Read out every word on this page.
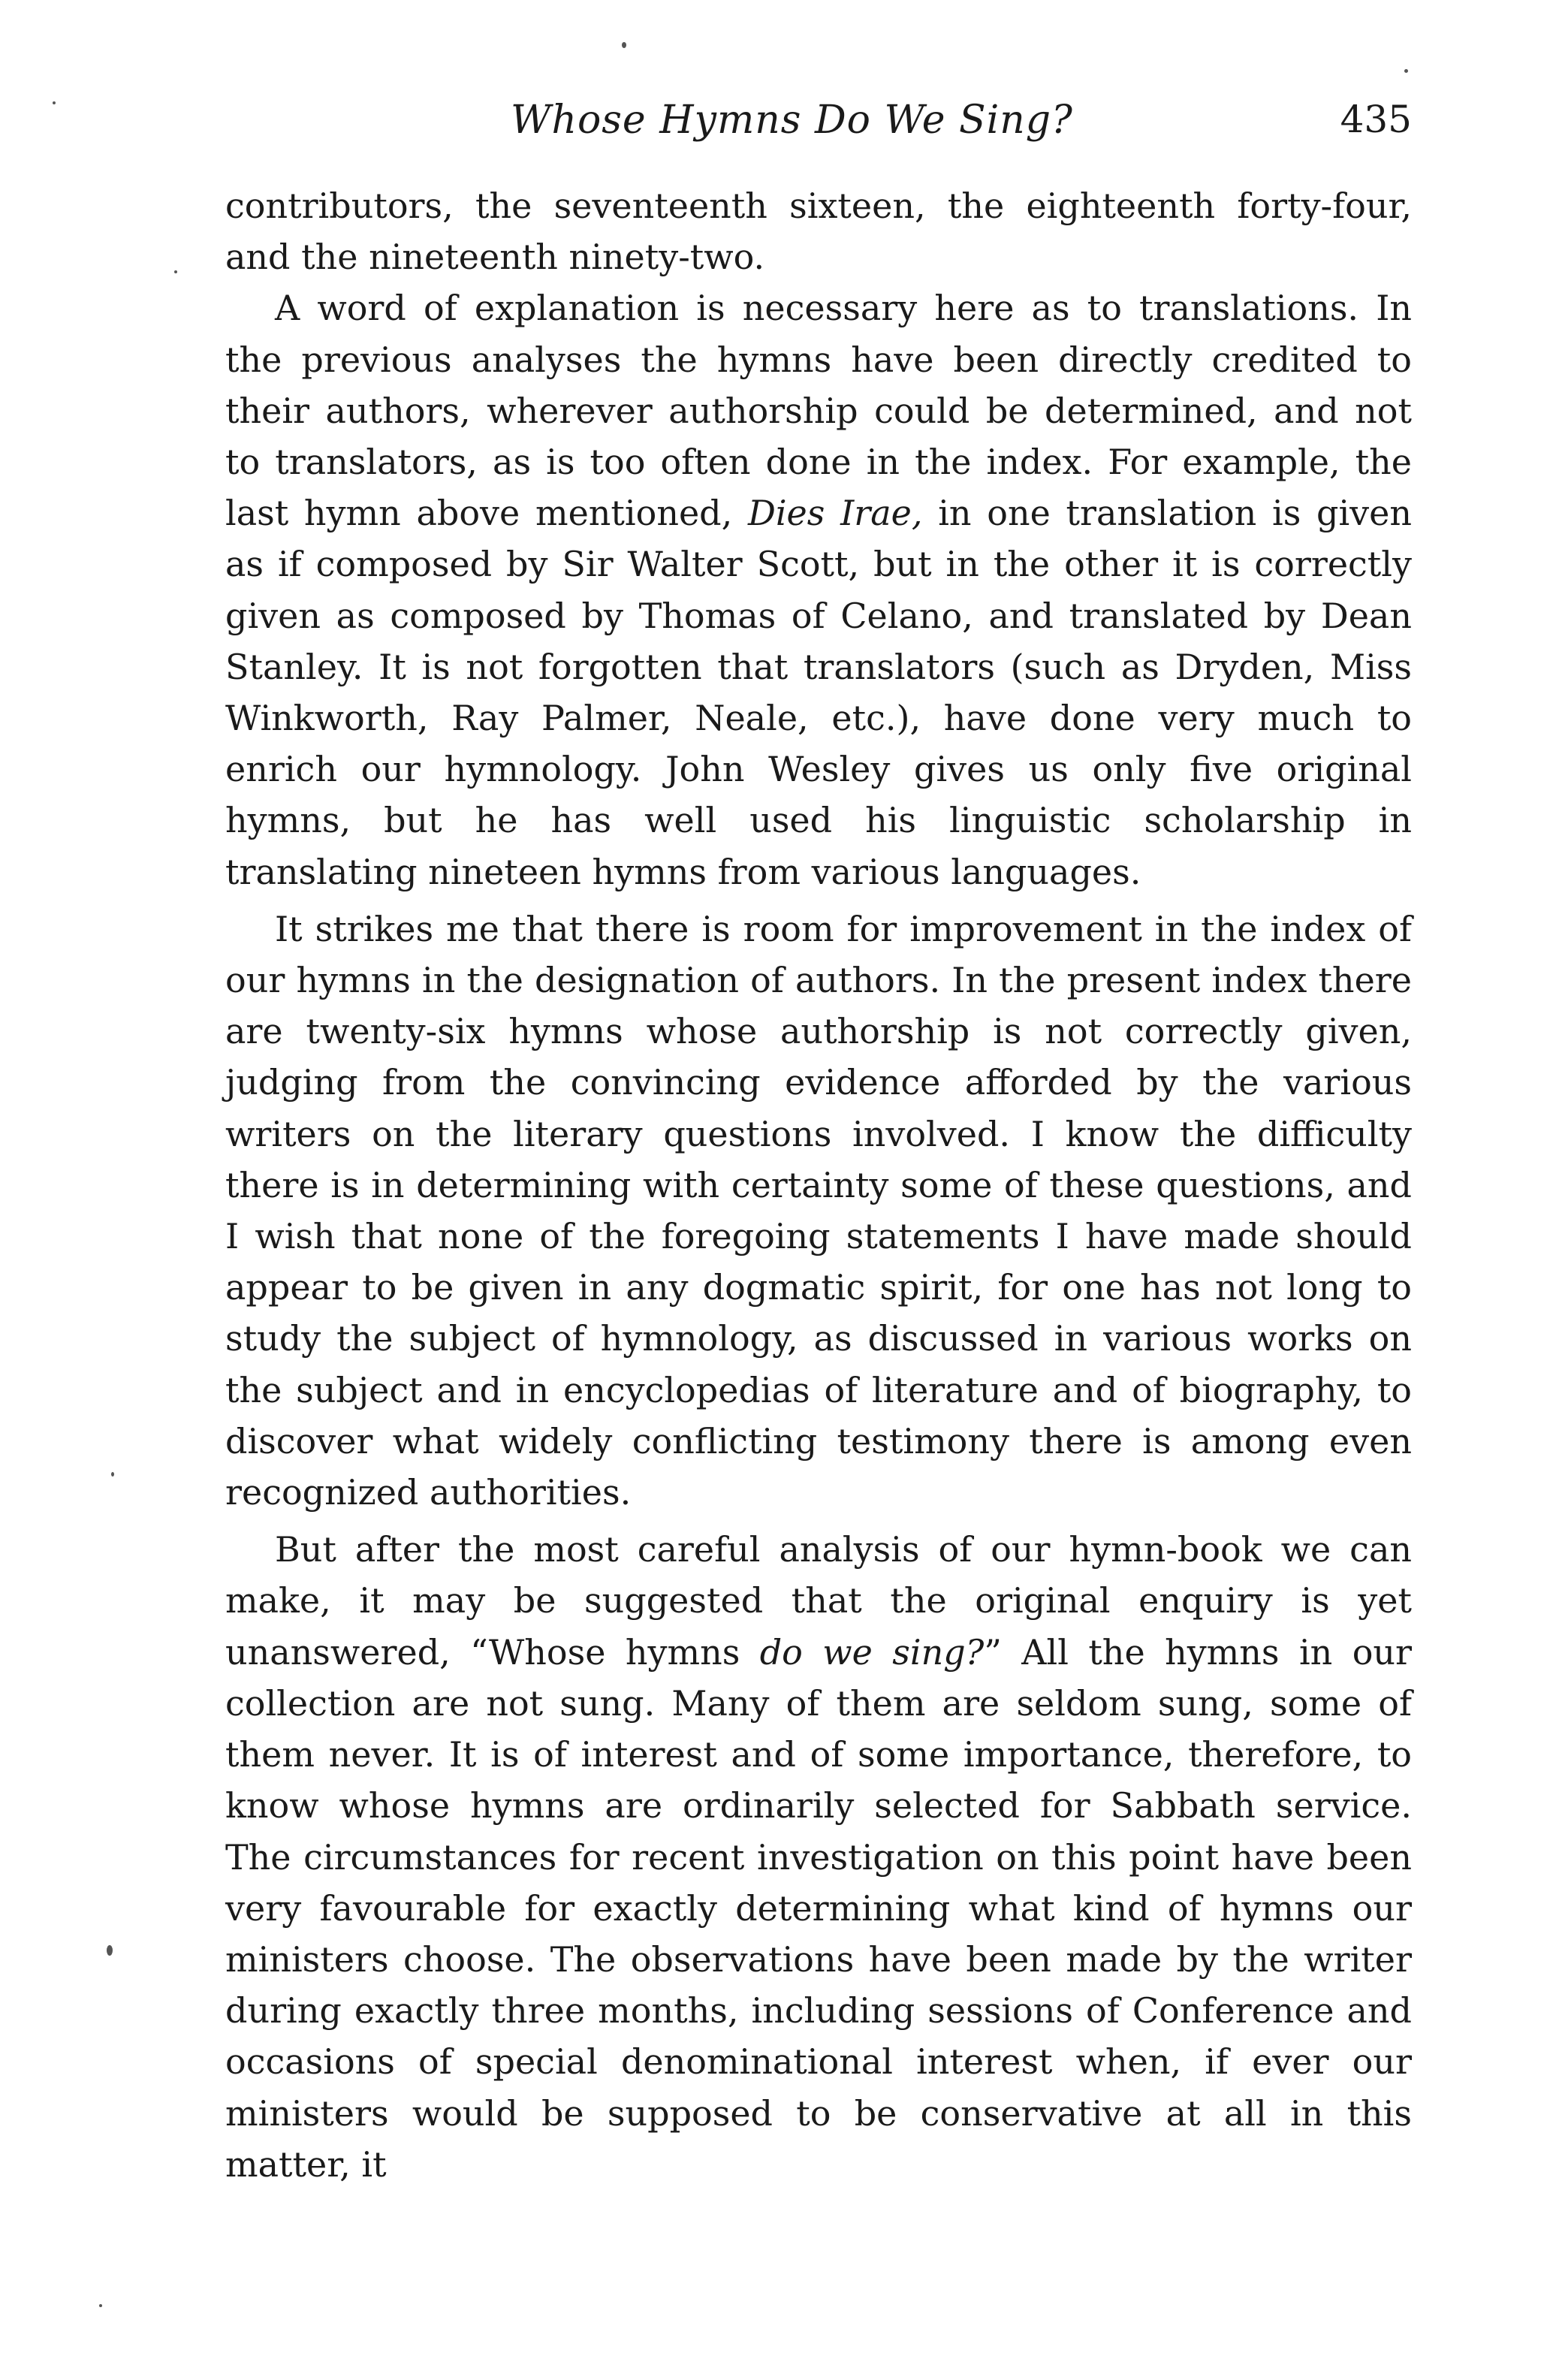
Whose Hymns Do We Sing?	435

contributors, the seventeenth sixteen, the eighteenth forty-four, and the nineteenth ninety-two.

A word of explanation is necessary here as to translations. In the previous analyses the hymns have been directly credited to their authors, wherever authorship could be determined, and not to translators, as is too often done in the index. For example, the last hymn above mentioned, Dies Irae, in one translation is given as if composed by Sir Walter Scott, but in the other it is correctly given as composed by Thomas of Celano, and translated by Dean Stanley. It is not forgotten that translators (such as Dryden, Miss Winkworth, Ray Palmer, Neale, etc.), have done very much to enrich our hymnology. John Wesley gives us only five original hymns, but he has well used his linguistic scholarship in translating nineteen hymns from various languages.

It strikes me that there is room for improvement in the index of our hymns in the designation of authors. In the present index there are twenty-six hymns whose authorship is not correctly given, judging from the convincing evidence afforded by the various writers on the literary questions involved. I know the difficulty there is in determining with certainty some of these questions, and I wish that none of the foregoing statements I have made should appear to be given in any dogmatic spirit, for one has not long to study the subject of hymnology, as discussed in various works on the subject and in encyclopedias of literature and of biography, to discover what widely conflicting testimony there is among even recognized authorities.

But after the most careful analysis of our hymn-book we can make, it may be suggested that the original enquiry is yet unanswered, “Whose hymns do we sing?” All the hymns in our collection are not sung. Many of them are seldom sung, some of them never. It is of interest and of some importance, therefore, to know whose hymns are ordinarily selected for Sabbath service. The circumstances for recent investigation on this point have been very favourable for exactly determining what kind of hymns our ministers choose. The observations have been made by the writer during exactly three months, including sessions of Conference and occasions of special denominational interest when, if ever our ministers would be supposed to be conservative at all in this matter, it
